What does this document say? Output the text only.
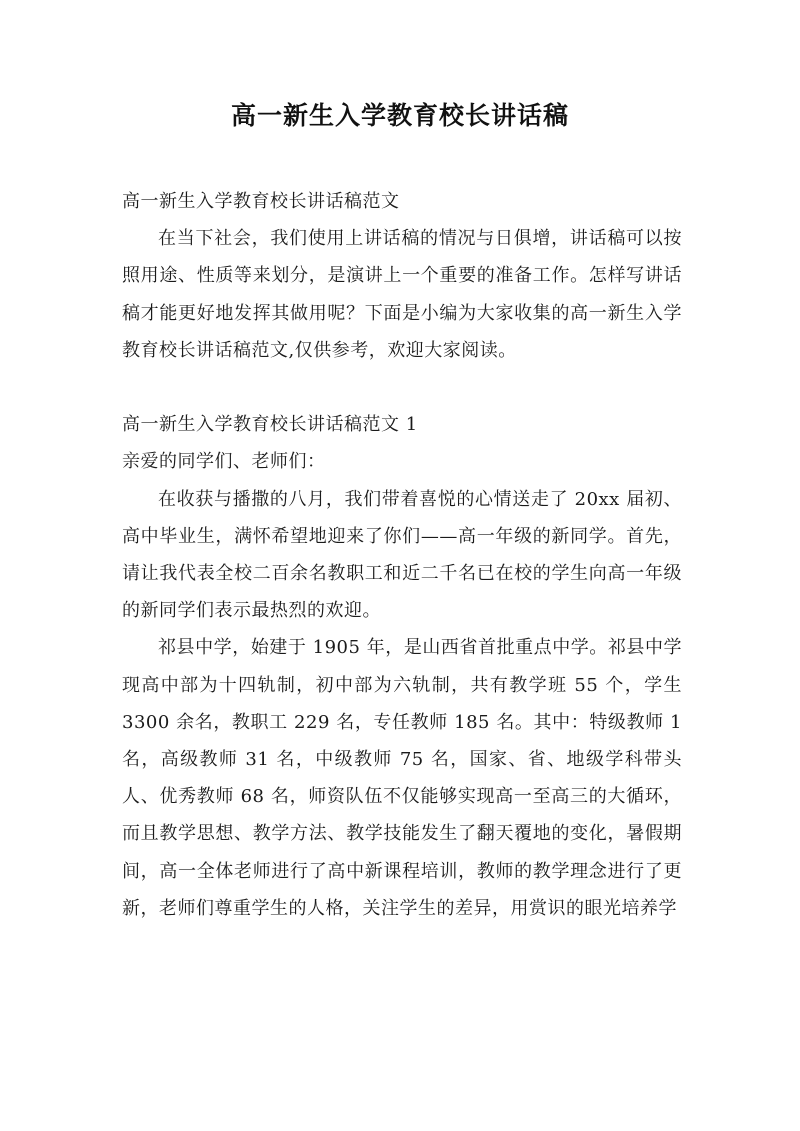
高一新生入学教育校长讲话稿

高一新生入学教育校长讲话稿范文

在当下社会，我们使用上讲话稿的情况与日俱增，讲话稿可以按照用途、性质等来划分，是演讲上一个重要的准备工作。怎样写讲话稿才能更好地发挥其做用呢？下面是小编为大家收集的高一新生入学教育校长讲话稿范文,仅供参考，欢迎大家阅读。

高一新生入学教育校长讲话稿范文 1

亲爱的同学们、老师们：

在收获与播撒的八月，我们带着喜悦的心情送走了 20xx 届初、高中毕业生，满怀希望地迎来了你们——高一年级的新同学。首先，请让我代表全校二百余名教职工和近二千名已在校的学生向高一年级的新同学们表示最热烈的欢迎。

祁县中学，始建于 1905 年，是山西省首批重点中学。祁县中学现高中部为十四轨制，初中部为六轨制，共有教学班 55 个，学生 3300 余名，教职工 229 名，专任教师 185 名。其中：特级教师 1 名，高级教师 31 名，中级教师 75 名，国家、省、地级学科带头人、优秀教师 68 名，师资队伍不仅能够实现高一至高三的大循环，而且教学思想、教学方法、教学技能发生了翻天覆地的变化，暑假期间，高一全体老师进行了高中新课程培训，教师的教学理念进行了更新，老师们尊重学生的人格，关注学生的差异，用赏识的眼光培养学
